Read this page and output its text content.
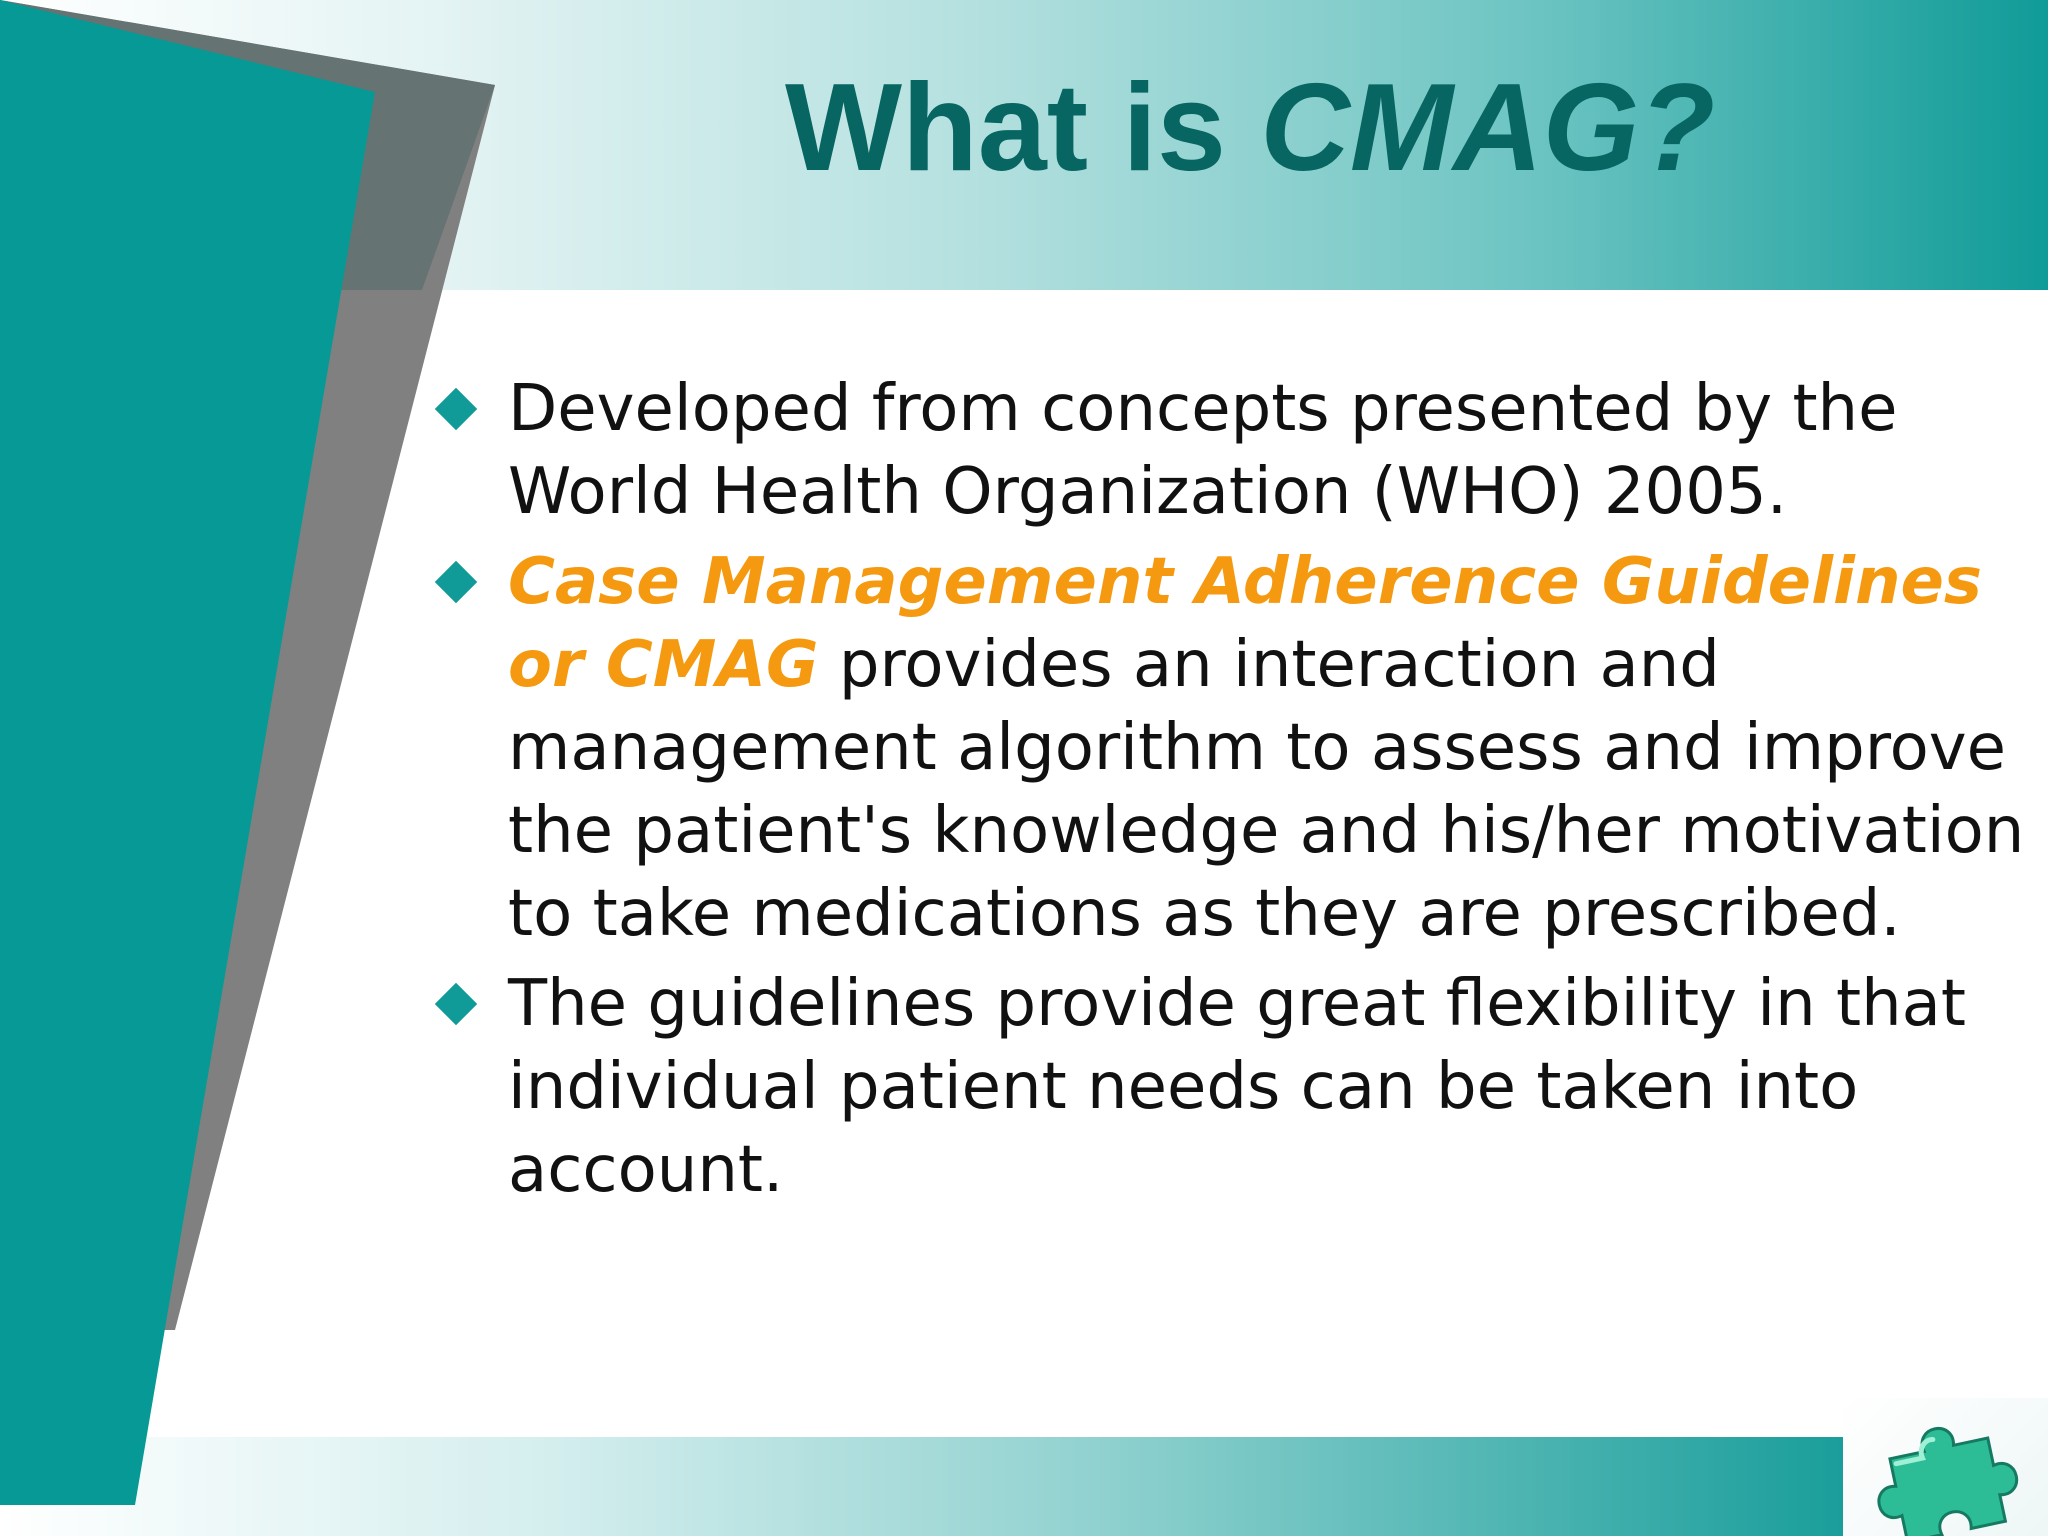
What is CMAG?
Developed from concepts presented by the World Health Organization (WHO) 2005.
Case Management Adherence Guidelines or CMAG provides an interaction and management algorithm to assess and improve the patient's knowledge and his/her motivation to take medications as they are prescribed.
The guidelines provide great flexibility in that individual patient needs can be taken into account.
